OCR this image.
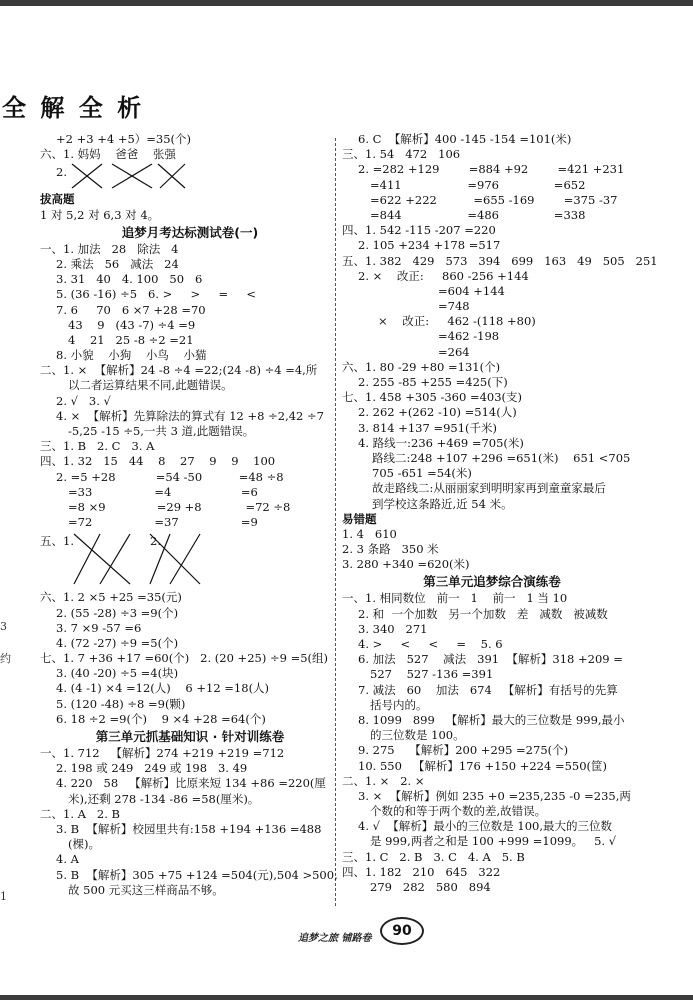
全 解 全 析
3
约
1
+2 +3 +4 +5）=35(个)
六、1. 妈妈    爸爸    张强
2.
拔高题
1 对 5,2 对 6,3 对 4。
追梦月考达标测试卷(一)
一、1. 加法   28   除法   4
2. 乘法   56   减法   24
3. 31   40   4. 100   50   6
5. (36 -16) ÷5   6. >     >     =     <
7. 6     70   6 ×7 +28 =70
43    9   (43 -7) ÷4 =9
4    21   25 -8 ÷2 =21
8. 小貌    小狗    小鸟    小猫
二、1. ×  【解析】24 -8 ÷4 =22;(24 -8) ÷4 =4,所
以二者运算结果不同,此题错误。
2. √   3. √
4. ×  【解析】先算除法的算式有 12 +8 ÷2,42 ÷7
-5,25 -15 ÷5,一共 3 道,此题错误。
三、1. B   2. C   3. A
四、1. 32   15   44    8    27    9    9    100
2. =5 +28           =54 -50          =48 ÷8
=33                 =4                   =6
=8 ×9              =29 +8            =72 ÷8
=72                 =37                 =9
五、1.	2.
六、1. 2 ×5 +25 =35(元)
2. (55 -28) ÷3 =9(个)
3. 7 ×9 -57 =6
4. (72 -27) ÷9 =5(个)
七、1. 7 +36 +17 =60(个)   2. (20 +25) ÷9 =5(组)
3. (40 -20) ÷5 =4(块)
4. (4 -1) ×4 =12(人)    6 +12 =18(人)
5. (120 -48) ÷8 =9(颗)
6. 18 ÷2 =9(个)    9 ×4 +28 =64(个)
第三单元抓基础知识 · 针对训练卷
一、1. 712   【解析】274 +219 +219 =712
2. 198 或 249   249 或 198   3. 49
4. 220   58   【解析】比原来短 134 +86 =220(厘
米),还剩 278 -134 -86 =58(厘米)。
二、1. A   2. B
3. B  【解析】校园里共有:158 +194 +136 =488
(棵)。
4. A
5. B  【解析】305 +75 +124 =504(元),504 >500,
故 500 元买这三样商品不够。
6. C  【解析】400 -145 -154 =101(米)
三、1. 54   472   106
2. =282 +129        =884 +92        =421 +231
=411                  =976               =652
=622 +222          =655 -169        =375 -37
=844                  =486               =338
四、1. 542 -115 -207 =220
2. 105 +234 +178 =517
五、1. 382   429   573   394   699   163   49   505   251
2. ×    改正:     860 -256 +144
=604 +144
=748
×    改正:     462 -(118 +80)
=462 -198
=264
六、1. 80 -29 +80 =131(个)
2. 255 -85 +255 =425(下)
七、1. 458 +305 -360 =403(支)
2. 262 +(262 -10) =514(人)
3. 814 +137 =951(千米)
4. 路线一:236 +469 =705(米)
路线二:248 +107 +296 =651(米)    651 <705
705 -651 =54(米)
故走路线二:从丽丽家到明明家再到童童家最后
到学校这条路近,近 54 米。
易错题
1. 4   610
2. 3 条路   350 米
3. 280 +340 =620(米)
第三单元追梦综合演练卷
一、1. 相同数位   前一   1    前一   1 当 10
2. 和  一个加数   另一个加数   差   减数   被减数
3. 340   271
4. >     <     <     =    5. 6
6. 加法   527    减法   391  【解析】318 +209 =
527    527 -136 =391
7. 减法   60    加法   674   【解析】有括号的先算
括号内的。
8. 1099   899   【解析】最大的三位数是 999,最小
的三位数是 100。
9. 275    【解析】200 +295 =275(个)
10. 550   【解析】176 +150 +224 =550(筐)
二、1. ×   2. ×
3. ×  【解析】例如 235 +0 =235,235 -0 =235,两
个数的和等于两个数的差,故错误。
4. √  【解析】最小的三位数是 100,最大的三位数
是 999,两者之和是 100 +999 =1099。   5. √
三、1. C   2. B   3. C   4. A   5. B
四、1. 182   210   645   322
279   282   580   894
追梦之旅 铺路卷	90
